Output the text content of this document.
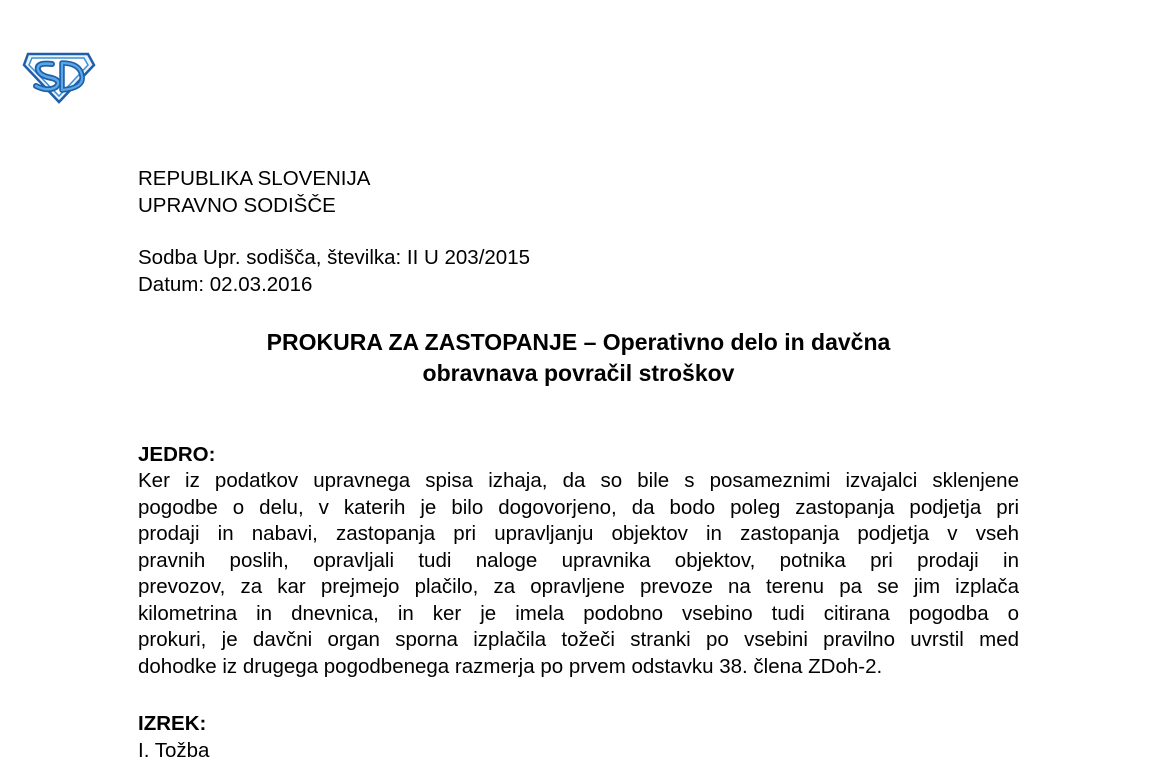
REPUBLIKA SLOVENIJA
UPRAVNO SODIŠČE
Sodba Upr. sodišča, številka: II U 203/2015
Datum: 02.03.2016
PROKURA ZA ZASTOPANJE – Operativno delo in davčna
obravnava povračil stroškov
JEDRO:
Ker iz podatkov upravnega spisa izhaja, da so bile s posameznimi izvajalci sklenjene
pogodbe o delu, v katerih je bilo dogovorjeno, da bodo poleg zastopanja podjetja pri
prodaji in nabavi, zastopanja pri upravljanju objektov in zastopanja podjetja v vseh
pravnih poslih, opravljali tudi naloge upravnika objektov, potnika pri prodaji in
prevozov, za kar prejmejo plačilo, za opravljene prevoze na terenu pa se jim izplača
kilometrina in dnevnica, in ker je imela podobno vsebino tudi citirana pogodba o
prokuri, je davčni organ sporna izplačila tožeči stranki po vsebini pravilno uvrstil med
dohodke iz drugega pogodbenega razmerja po prvem odstavku 38. člena ZDoh-2.
IZREK:
I. Tožba
